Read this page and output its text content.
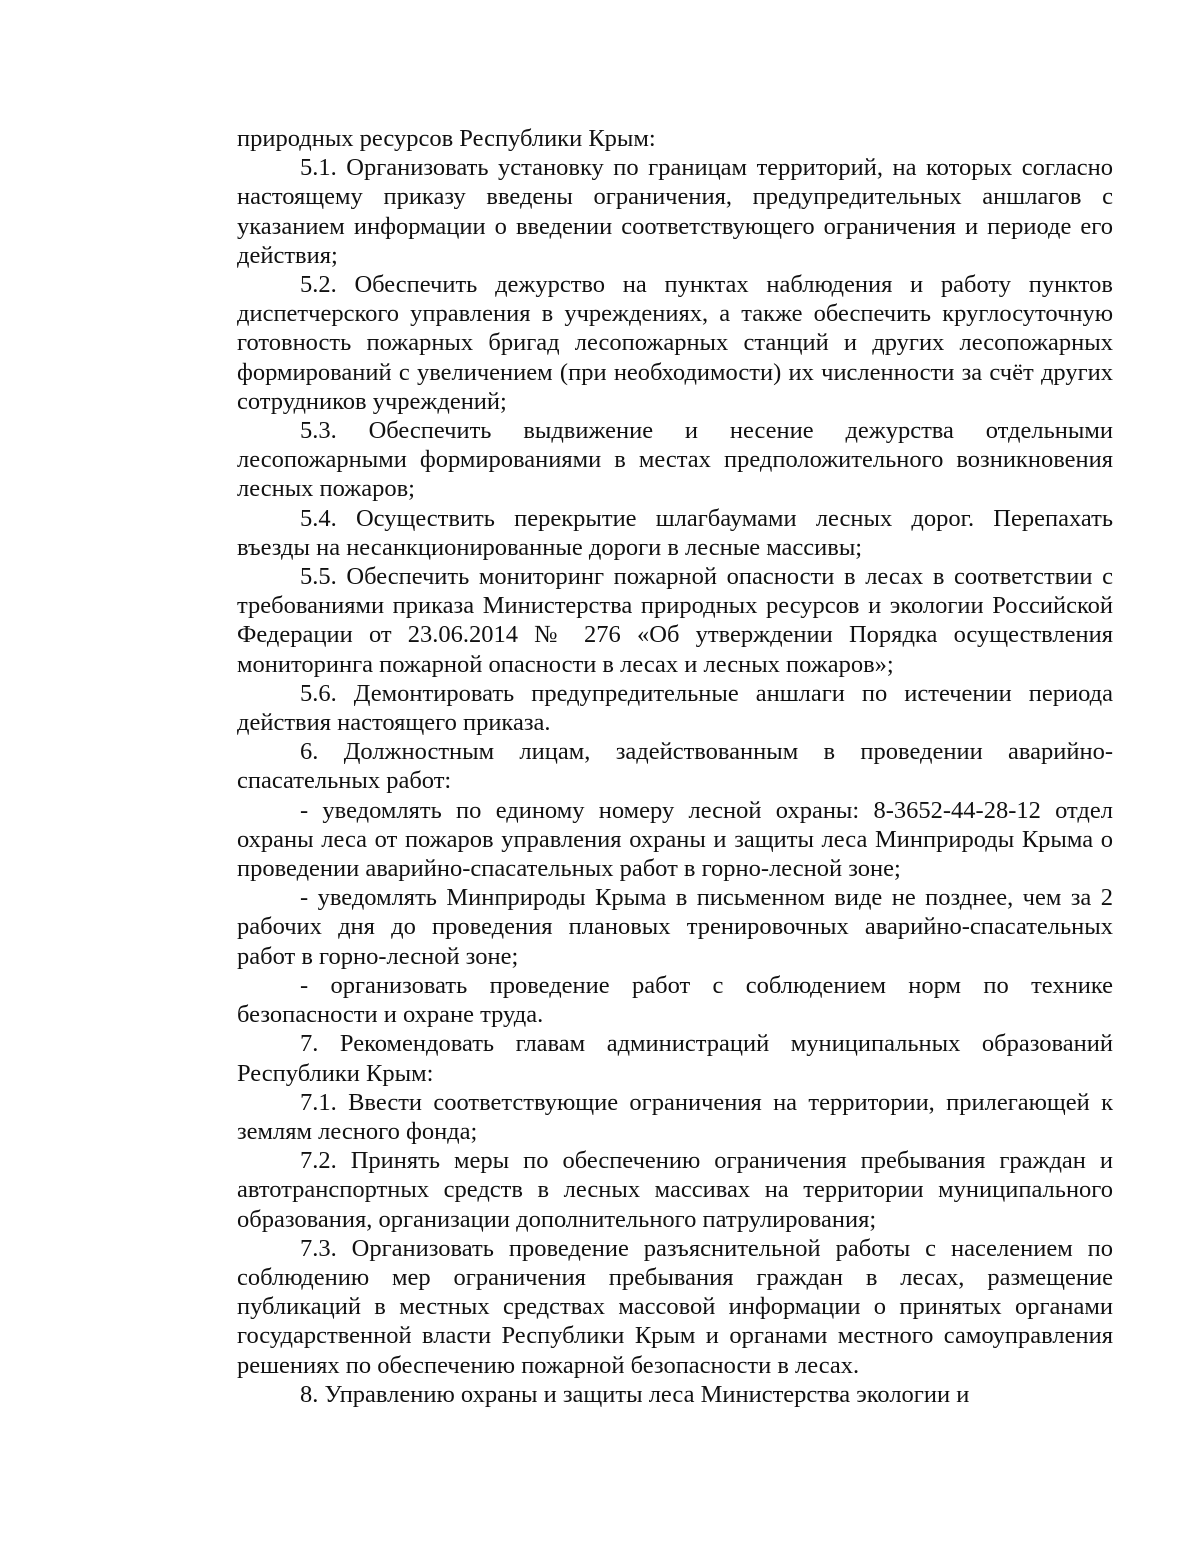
природных ресурсов Республики Крым:

5.1. Организовать установку по границам территорий, на которых согласно настоящему приказу введены ограничения, предупредительных аншлагов с указанием информации о введении соответствующего ограничения и периоде его действия;

5.2. Обеспечить дежурство на пунктах наблюдения и работу пунктов диспетчерского управления в учреждениях, а также обеспечить круглосуточную готовность пожарных бригад лесопожарных станций и других лесопожарных формирований с увеличением (при необходимости) их численности за счёт других сотрудников учреждений;

5.3. Обеспечить выдвижение и несение дежурства отдельными лесопожарными формированиями в местах предположительного возникновения лесных пожаров;

5.4. Осуществить перекрытие шлагбаумами лесных дорог. Перепахать въезды на несанкционированные дороги в лесные массивы;

5.5. Обеспечить мониторинг пожарной опасности в лесах в соответствии с требованиями приказа Министерства природных ресурсов и экологии Российской Федерации от 23.06.2014 № 276 «Об утверждении Порядка осуществления мониторинга пожарной опасности в лесах и лесных пожаров»;

5.6. Демонтировать предупредительные аншлаги по истечении периода действия настоящего приказа.

6. Должностным лицам, задействованным в проведении аварийно-спасательных работ:

- уведомлять по единому номеру лесной охраны: 8-3652-44-28-12 отдел охраны леса от пожаров управления охраны и защиты леса Минприроды Крыма о проведении аварийно-спасательных работ в горно-лесной зоне;

- уведомлять Минприроды Крыма в письменном виде не позднее, чем за 2 рабочих дня до проведения плановых тренировочных аварийно-спасательных работ в горно-лесной зоне;

- организовать проведение работ с соблюдением норм по технике безопасности и охране труда.

7. Рекомендовать главам администраций муниципальных образований Республики Крым:

7.1. Ввести соответствующие ограничения на территории, прилегающей к землям лесного фонда;

7.2. Принять меры по обеспечению ограничения пребывания граждан и автотранспортных средств в лесных массивах на территории муниципального образования, организации дополнительного патрулирования;

7.3. Организовать проведение разъяснительной работы с населением по соблюдению мер ограничения пребывания граждан в лесах, размещение публикаций в местных средствах массовой информации о принятых органами государственной власти Республики Крым и органами местного самоуправления решениях по обеспечению пожарной безопасности в лесах.

8. Управлению охраны и защиты леса Министерства экологии и
